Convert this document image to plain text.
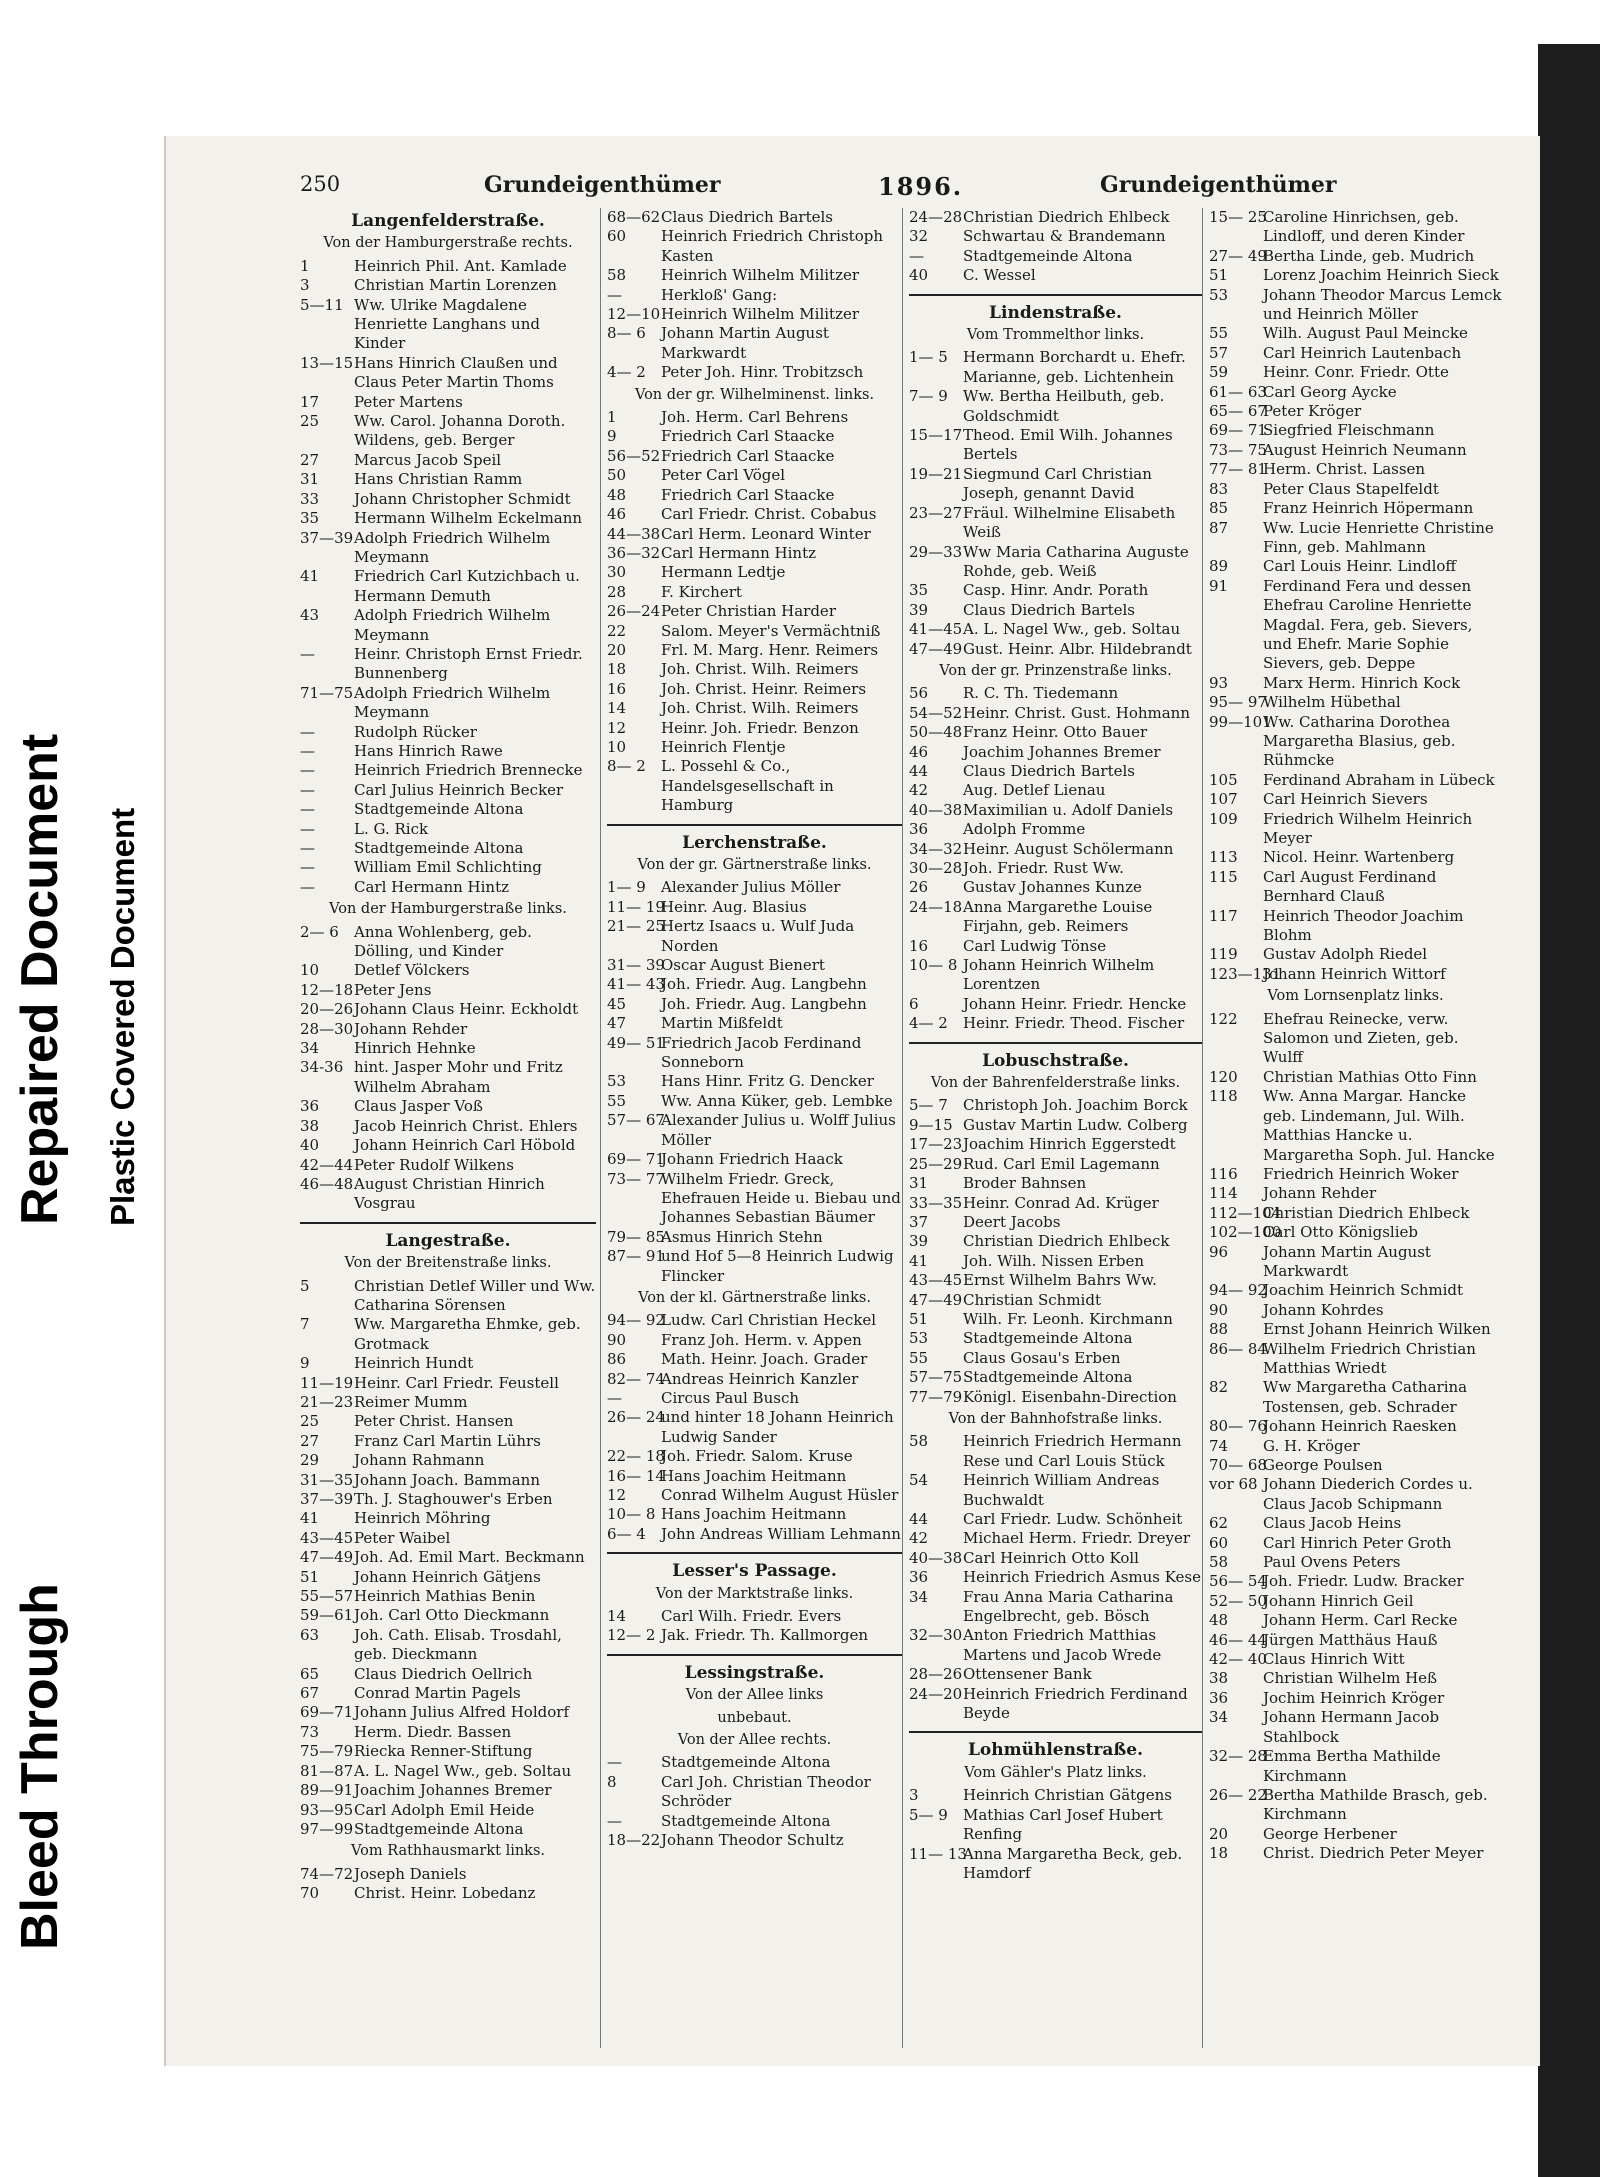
Bleed Through
Repaired Document Plastic Covered Document
250	Grundeigenthümer	1896.	Grundeigenthümer
Langenfelderstraße.
Von der Hamburgerstraße rechts.
1	Heinrich Phil. Ant. Kamlade
3	Christian Martin Lorenzen
5—11 Ww. Ulrike Magdalene Henriette Langhans und Kinder
13—15 Hans Hinrich Claußen und Claus Peter Martin Thoms
17	Peter Martens
25	Ww. Carol. Johanna Doroth. Wildens, geb. Berger
27	Marcus Jacob Speil
31	Hans Christian Ramm
33	Johann Christopher Schmidt
35	Hermann Wilhelm Eckelmann
37—39 Adolph Friedrich Wilhelm Meymann
41	Friedrich Carl Kutzichbach u. Hermann Demuth
43	Adolph Friedrich Wilhelm Meymann
—	Heinr. Christoph Ernst Friedr. Bunnenberg
71—75 Adolph Friedrich Wilhelm Meymann
—	Rudolph Rücker
—	Hans Hinrich Rawe
—	Heinrich Friedrich Brennecke
—	Carl Julius Heinrich Becker
—	Stadtgemeinde Altona
—	L. G. Rick
—	Stadtgemeinde Altona
—	William Emil Schlichting
—	Carl Hermann Hintz
Von der Hamburgerstraße links.
2— 6	Anna Wohlenberg, geb. Dölling, und Kinder
10	Detlef Völckers
12—18 Peter Jens
20—26 Johann Claus Heinr. Eckholdt
28—30 Johann Rehder
34	Hinrich Hehnke
34-36 hint. Jasper Mohr und Fritz Wilhelm Abraham
36	Claus Jasper Voß
38	Jacob Heinrich Christ. Ehlers
40	Johann Heinrich Carl Höbold
42—44 Peter Rudolf Wilkens
46—48 August Christian Hinrich Vosgrau
Langestraße.
Von der Breitenstraße links.
5	Christian Detlef Willer und Ww. Catharina Sörensen
7	Ww. Margaretha Ehmke, geb. Grotmack
9	Heinrich Hundt
11—19 Heinr. Carl Friedr. Feustell
21—23 Reimer Mumm
25	Peter Christ. Hansen
27	Franz Carl Martin Lührs
29	Johann Rahmann
31—35 Johann Joach. Bammann
37—39 Th. J. Staghouwer's Erben
41	Heinrich Möhring
43—45 Peter Waibel
47—49 Joh. Ad. Emil Mart. Beckmann
51	Johann Heinrich Gätjens
55—57 Heinrich Mathias Benin
59—61 Joh. Carl Otto Dieckmann
63	Joh. Cath. Elisab. Trosdahl, geb. Dieckmann
65	Claus Diedrich Oellrich
67	Conrad Martin Pagels
69—71 Johann Julius Alfred Holdorf
73	Herm. Diedr. Bassen
75—79 Riecka Renner-Stiftung
81—87 A. L. Nagel Ww., geb. Soltau
89—91 Joachim Johannes Bremer
93—95 Carl Adolph Emil Heide
97—99 Stadtgemeinde Altona
Vom Rathhausmarkt links.
74—72 Joseph Daniels
70	Christ. Heinr. Lobedanz
68—62 Claus Diedrich Bartels
60	Heinrich Friedrich Christoph Kasten
58	Heinrich Wilhelm Militzer
—	Herkloß' Gang:
12—10 Heinrich Wilhelm Militzer
8— 6	Johann Martin August Markwardt
4— 2	Peter Joh. Hinr. Trobitzsch
Von der gr. Wilhelminenst. links.
1	Joh. Herm. Carl Behrens
9	Friedrich Carl Staacke
56—52 Friedrich Carl Staacke
50	Peter Carl Vögel
48	Friedrich Carl Staacke
46	Carl Friedr. Christ. Cobabus
44—38 Carl Herm. Leonard Winter
36—32 Carl Hermann Hintz
30	Hermann Ledtje
28	F. Kirchert
26—24 Peter Christian Harder
22	Salom. Meyer's Vermächtniß
20	Frl. M. Marg. Henr. Reimers
18	Joh. Christ. Wilh. Reimers
16	Joh. Christ. Heinr. Reimers
14	Joh. Christ. Wilh. Reimers
12	Heinr. Joh. Friedr. Benzon
10	Heinrich Flentje
8— 2	L. Possehl & Co., Handelsgesellschaft in Hamburg
Lerchenstraße.
Von der gr. Gärtnerstraße links.
1— 9	Alexander Julius Möller
11— 19
Heinr. Aug. Blasius
21— 25
Hertz Isaacs u. Wulf Juda Norden
31— 39
Oscar August Bienert
41— 43
Joh. Friedr. Aug. Langbehn
45	Joh. Friedr. Aug. Langbehn
47	Martin Mißfeldt
49— 51
Friedrich Jacob Ferdinand Sonneborn
53	Hans Hinr. Fritz G. Dencker
55	Ww. Anna Küker, geb. Lembke
57— 67
Alexander Julius u. Wolff Julius Möller
69— 71
Johann Friedrich Haack
73— 77
Wilhelm Friedr. Greck, Ehefrauen Heide u. Biebau und Johannes Sebastian Bäumer
79— 85
Asmus Hinrich Stehn
87— 91
und Hof 5—8 Heinrich Ludwig Flincker
Von der kl. Gärtnerstraße links.
94— 92
Ludw. Carl Christian Heckel
90	Franz Joh. Herm. v. Appen
86	Math. Heinr. Joach. Grader
82— 74
Andreas Heinrich Kanzler
—	Circus Paul Busch
26— 24
und hinter 18 Johann Heinrich Ludwig Sander
22— 18
Joh. Friedr. Salom. Kruse
16— 14
Hans Joachim Heitmann
12	Conrad Wilhelm August Hüsler
10— 8 Hans Joachim Heitmann
6— 4	John Andreas William Lehmann
Lesser's Passage.
Von der Marktstraße links.
14	Carl Wilh. Friedr. Evers
12— 2 Jak. Friedr. Th. Kallmorgen
Lessingstraße.
Von der Allee links
unbebaut.
Von der Allee rechts.
—	Stadtgemeinde Altona
8	Carl Joh. Christian Theodor Schröder
—	Stadtgemeinde Altona
18—22 Johann Theodor Schultz
24—28 Christian Diedrich Ehlbeck
32	Schwartau & Brandemann
—	Stadtgemeinde Altona
40	C. Wessel
Lindenstraße.
Vom Trommelthor links.
1— 5	Hermann Borchardt u. Ehefr. Marianne, geb. Lichtenhein
7— 9	Ww. Bertha Heilbuth, geb. Goldschmidt
15—17 Theod. Emil Wilh. Johannes Bertels
19—21 Siegmund Carl Christian Joseph, genannt David
23—27 Fräul. Wilhelmine Elisabeth Weiß
29—33 Ww Maria Catharina Auguste Rohde, geb. Weiß
35	Casp. Hinr. Andr. Porath
39	Claus Diedrich Bartels
41—45 A. L. Nagel Ww., geb. Soltau
47—49 Gust. Heinr. Albr. Hildebrandt
Von der gr. Prinzenstraße links.
56	R. C. Th. Tiedemann
54—52 Heinr. Christ. Gust. Hohmann
50—48 Franz Heinr. Otto Bauer
46	Joachim Johannes Bremer
44	Claus Diedrich Bartels
42	Aug. Detlef Lienau
40—38 Maximilian u. Adolf Daniels
36	Adolph Fromme
34—32 Heinr. August Schölermann
30—28 Joh. Friedr. Rust Ww.
26	Gustav Johannes Kunze
24—18 Anna Margarethe Louise Firjahn, geb. Reimers
16	Carl Ludwig Tönse
10— 8 Johann Heinrich Wilhelm Lorentzen
6	Johann Heinr. Friedr. Hencke
4— 2	Heinr. Friedr. Theod. Fischer
Lobuschstraße.
Von der Bahrenfelderstraße links.
5— 7	Christoph Joh. Joachim Borck
9—15 Gustav Martin Ludw. Colberg
17—23 Joachim Hinrich Eggerstedt
25—29 Rud. Carl Emil Lagemann
31	Broder Bahnsen
33—35 Heinr. Conrad Ad. Krüger
37	Deert Jacobs
39	Christian Diedrich Ehlbeck
41	Joh. Wilh. Nissen Erben
43—45 Ernst Wilhelm Bahrs Ww.
47—49 Christian Schmidt
51	Wilh. Fr. Leonh. Kirchmann
53	Stadtgemeinde Altona
55	Claus Gosau's Erben
57—75 Stadtgemeinde Altona
77—79 Königl. Eisenbahn-Direction
Von der Bahnhofstraße links.
58	Heinrich Friedrich Hermann Rese und Carl Louis Stück
54	Heinrich William Andreas Buchwaldt
44	Carl Friedr. Ludw. Schönheit
42	Michael Herm. Friedr. Dreyer
40—38 Carl Heinrich Otto Koll
36	Heinrich Friedrich Asmus Kese
34	Frau Anna Maria Catharina Engelbrecht, geb. Bösch
32—30 Anton Friedrich Matthias Martens und Jacob Wrede
28—26 Ottensener Bank
24—20 Heinrich Friedrich Ferdinand Beyde
Lohmühlenstraße.
Vom Gähler's Platz links.
3	Heinrich Christian Gätgens
5— 9	Mathias Carl Josef Hubert Renfing
11— 13
Anna Margaretha Beck, geb. Hamdorf
15— 25
Caroline Hinrichsen, geb. Lindloff, und deren Kinder
27— 49
Bertha Linde, geb. Mudrich
51	Lorenz Joachim Heinrich Sieck
53	Johann Theodor Marcus Lemck und Heinrich Möller
55	Wilh. August Paul Meincke
57	Carl Heinrich Lautenbach
59	Heinr. Conr. Friedr. Otte
61— 63
Carl Georg Aycke
65— 67
Peter Kröger
69— 71
Siegfried Fleischmann
73— 75
August Heinrich Neumann
77— 81
Herm. Christ. Lassen
83	Peter Claus Stapelfeldt
85	Franz Heinrich Höpermann
87	Ww. Lucie Henriette Christine Finn, geb. Mahlmann
89	Carl Louis Heinr. Lindloff
91	Ferdinand Fera und dessen Ehefrau Caroline Henriette Magdal. Fera, geb. Sievers, und Ehefr. Marie Sophie Sievers, geb. Deppe
93	Marx Herm. Hinrich Kock
95— 97
Wilhelm Hübethal
99—101
Ww. Catharina Dorothea Margaretha Blasius, geb. Rühmcke
105	Ferdinand Abraham in Lübeck
107	Carl Heinrich Sievers
109	Friedrich Wilhelm Heinrich Meyer
113	Nicol. Heinr. Wartenberg
115	Carl August Ferdinand Bernhard Clauß
117	Heinrich Theodor Joachim Blohm
119	Gustav Adolph Riedel
123—131
Johann Heinrich Wittorf
Vom Lornsenplatz links.
122	Ehefrau Reinecke, verw. Salomon und Zieten, geb. Wulff
120	Christian Mathias Otto Finn
118	Ww. Anna Margar. Hancke geb. Lindemann, Jul. Wilh. Matthias Hancke u. Margaretha Soph. Jul. Hancke
116	Friedrich Heinrich Woker
114	Johann Rehder
112—104
Christian Diedrich Ehlbeck
102—100
Carl Otto Königslieb
96	Johann Martin August Markwardt
94— 92
Joachim Heinrich Schmidt
90	Johann Kohrdes
88	Ernst Johann Heinrich Wilken
86— 84
Wilhelm Friedrich Christian Matthias Wriedt
82	Ww Margaretha Catharina Tostensen, geb. Schrader
80— 76
Johann Heinrich Raesken
74	G. H. Kröger
70— 68
George Poulsen
vor 68 Johann Diederich Cordes u. Claus Jacob Schipmann
62	Claus Jacob Heins
60	Carl Hinrich Peter Groth
58	Paul Ovens Peters
56— 54
Joh. Friedr. Ludw. Bracker
52— 50
Johann Hinrich Geil
48	Johann Herm. Carl Recke
46— 44
Jürgen Matthäus Hauß
42— 40
Claus Hinrich Witt
38	Christian Wilhelm Heß
36	Jochim Heinrich Kröger
34	Johann Hermann Jacob Stahlbock
32— 28
Emma Bertha Mathilde Kirchmann
26— 22
Bertha Mathilde Brasch, geb. Kirchmann
20	George Herbener
18	Christ. Diedrich Peter Meyer
